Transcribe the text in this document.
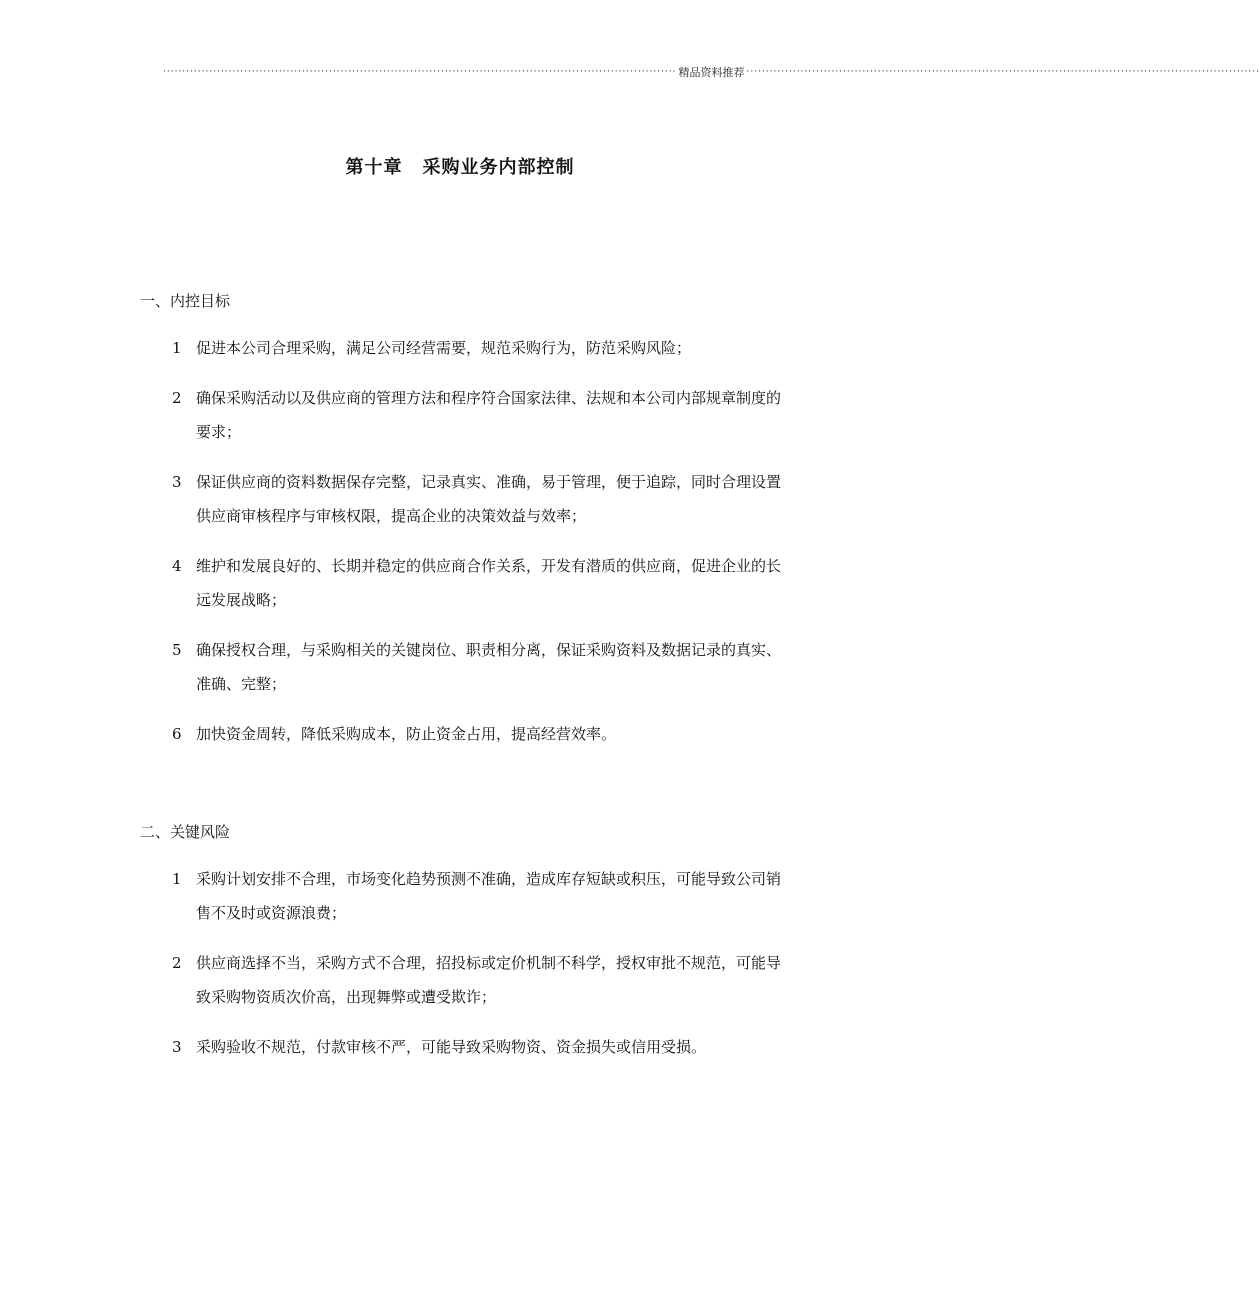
····································································································································· 精品资料推荐 ·····································································································································
第十章 采购业务内部控制
一、内控目标
1 促进本公司合理采购，满足公司经营需要，规范采购行为，防范采购风险；
2 确保采购活动以及供应商的管理方法和程序符合国家法律、法规和本公司内部规章制度的要求；
3 保证供应商的资料数据保存完整，记录真实、准确，易于管理，便于追踪，同时合理设置供应商审核程序与审核权限，提高企业的决策效益与效率；
4 维护和发展良好的、长期并稳定的供应商合作关系，开发有潜质的供应商，促进企业的长远发展战略；
5 确保授权合理，与采购相关的关键岗位、职责相分离，保证采购资料及数据记录的真实、准确、完整；
6 加快资金周转，降低采购成本，防止资金占用，提高经营效率。
二、关键风险
1 采购计划安排不合理，市场变化趋势预测不准确，造成库存短缺或积压，可能导致公司销售不及时或资源浪费；
2 供应商选择不当，采购方式不合理，招投标或定价机制不科学，授权审批不规范，可能导致采购物资质次价高，出现舞弊或遭受欺诈；
3 采购验收不规范，付款审核不严，可能导致采购物资、资金损失或信用受损。
